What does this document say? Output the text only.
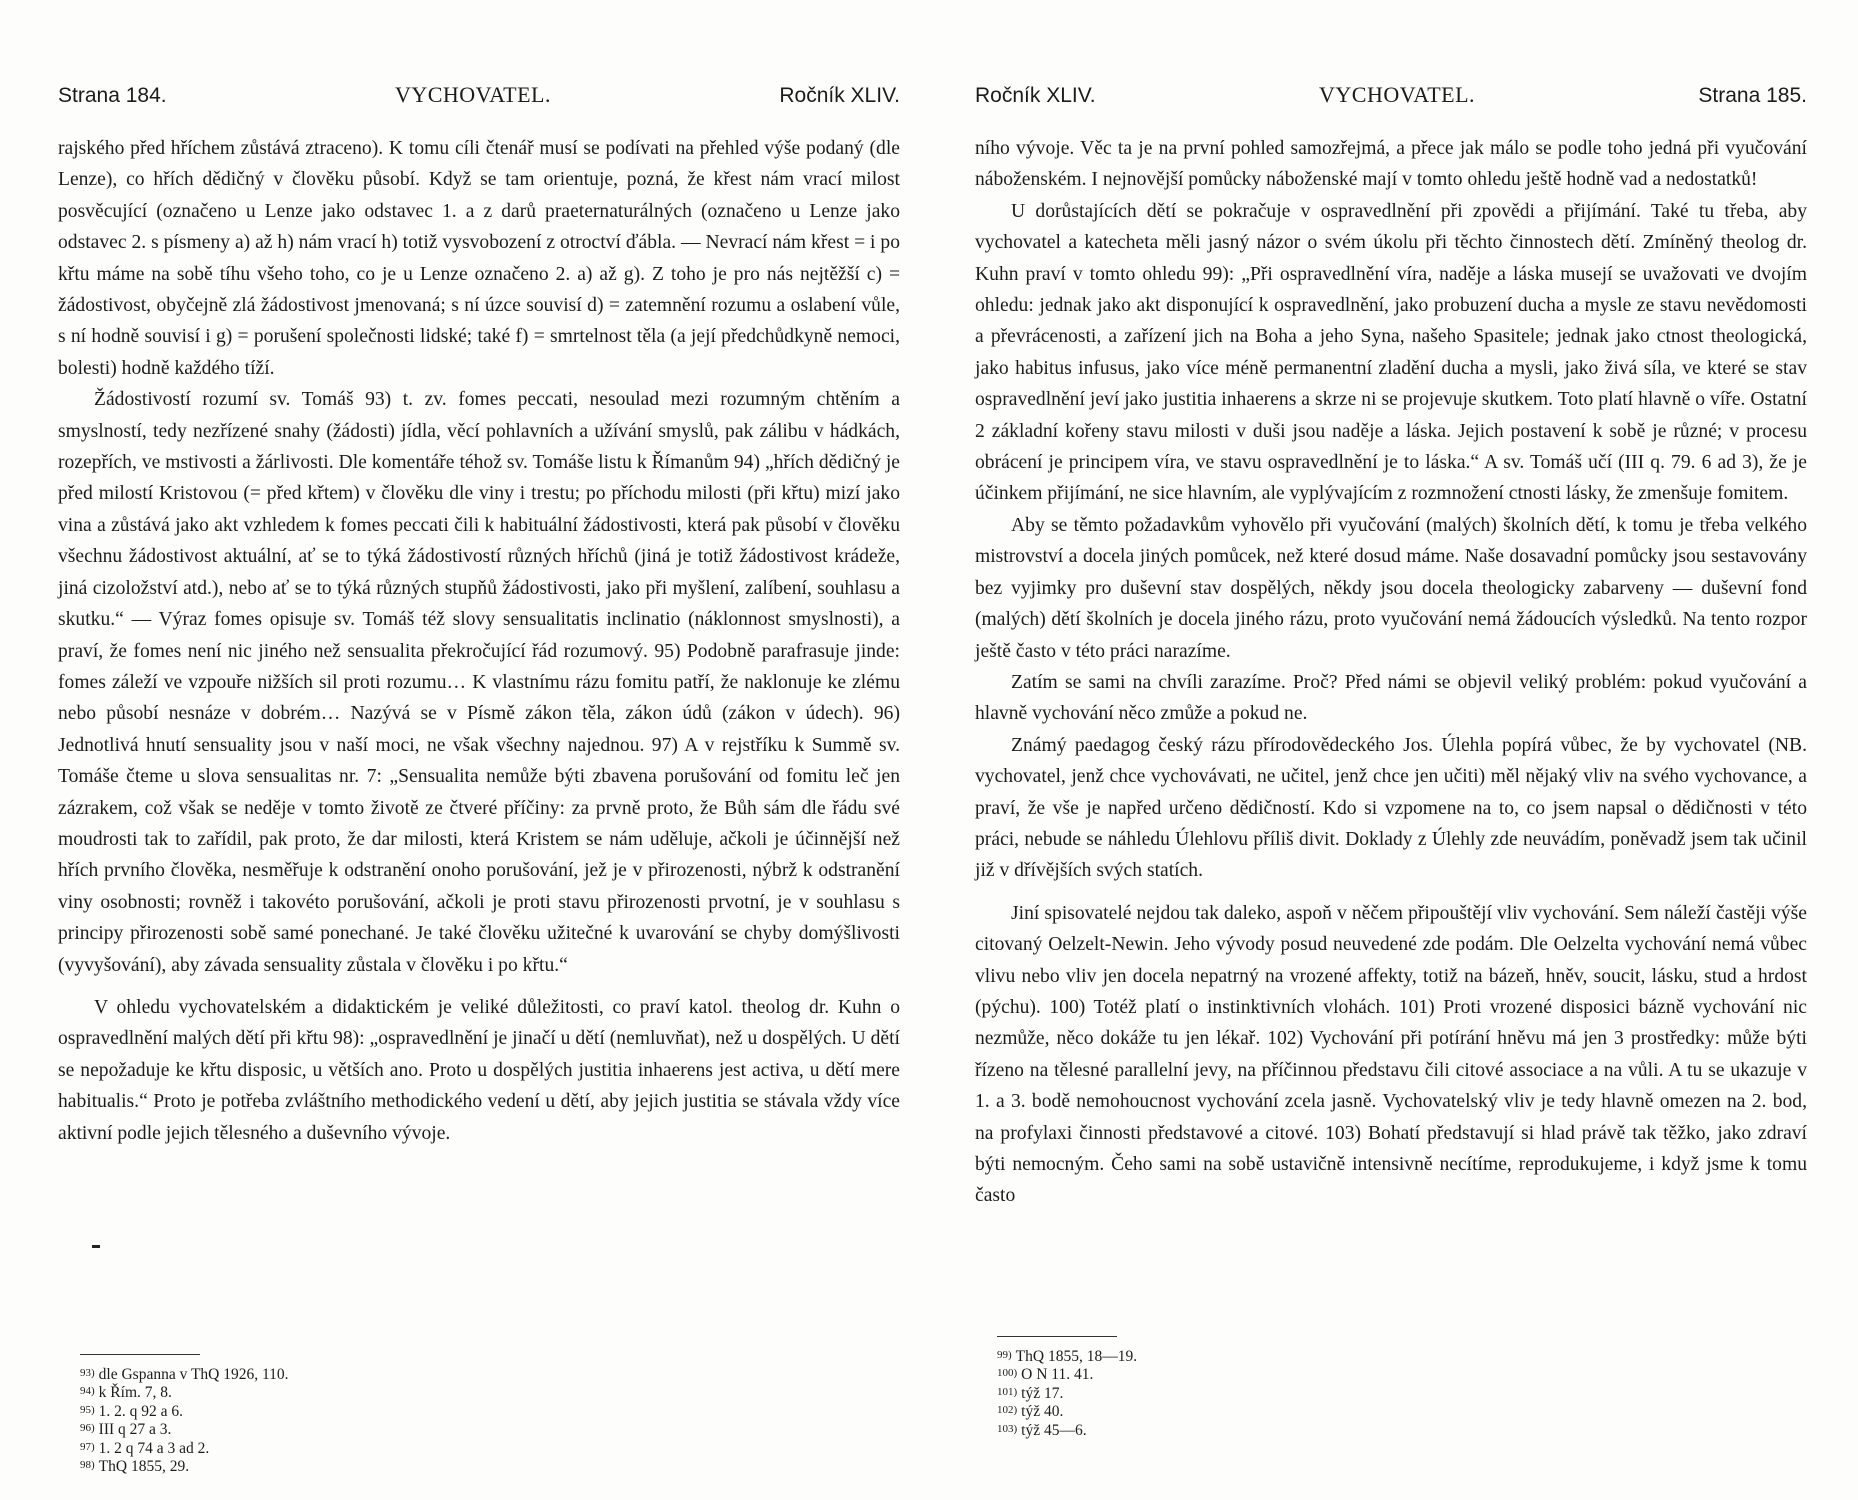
Strana 184.	VYCHOVATEL.	Ročník XLIV.

rajského před hříchem zůstává ztraceno). K tomu cíli čtenář musí se podívati na přehled výše podaný (dle Lenze), co hřích dědičný v člověku působí. Když se tam orientuje, pozná, že křest nám vrací milost posvěcující (označeno u Lenze jako odstavec 1. a z darů praeternaturálných (označeno u Lenze jako odstavec 2. s písmeny a) až h) nám vrací h) totiž vysvobození z otroctví ďábla. — Nevrací nám křest = i po křtu máme na sobě tíhu všeho toho, co je u Lenze označeno 2. a) až g). Z toho je pro nás nejtěžší c) = žádostivost, obyčejně zlá žádostivost jmenovaná; s ní úzce souvisí d) = zatemnění rozumu a oslabení vůle, s ní hodně souvisí i g) = porušení společnosti lidské; také f) = smrtelnost těla (a její předchůdkyně nemoci, bolesti) hodně každého tíží.

Žádostivostí rozumí sv. Tomáš 93) t. zv. fomes peccati, nesoulad mezi rozumným chtěním a smyslností, tedy nezřízené snahy (žádosti) jídla, věcí pohlavních a užívání smyslů, pak zálibu v hádkách, rozepřích, ve mstivosti a žárlivosti. Dle komentáře téhož sv. Tomáše listu k Římanům 94) „hřích dědičný je před milostí Kristovou (= před křtem) v člověku dle viny i trestu; po příchodu milosti (při křtu) mizí jako vina a zůstává jako akt vzhledem k fomes peccati čili k habituální žádostivosti, která pak působí v člověku všechnu žádostivost aktuální, ať se to týká žádostivostí různých hříchů (jiná je totiž žádostivost krádeže, jiná cizoložství atd.), nebo ať se to týká různých stupňů žádostivosti, jako při myšlení, zalíbení, souhlasu a skutku.“ — Výraz fomes opisuje sv. Tomáš též slovy sensualitatis inclinatio (náklonnost smyslnosti), a praví, že fomes není nic jiného než sensualita překročující řád rozumový. 95) Podobně parafrasuje jinde: fomes záleží ve vzpouře nižších sil proti rozumu… K vlastnímu rázu fomitu patří, že naklonuje ke zlému nebo působí nesnáze v dobrém… Nazývá se v Písmě zákon těla, zákon údů (zákon v údech). 96) Jednotlivá hnutí sensuality jsou v naší moci, ne však všechny najednou. 97) A v rejstříku k Summě sv. Tomáše čteme u slova sensualitas nr. 7: „Sensualita nemůže býti zbavena porušování od fomitu leč jen zázrakem, což však se neděje v tomto životě ze čtveré příčiny: za prvně proto, že Bůh sám dle řádu své moudrosti tak to zařídil, pak proto, že dar milosti, která Kristem se nám uděluje, ačkoli je účinnější než hřích prvního člověka, nesměřuje k odstranění onoho porušování, jež je v přirozenosti, nýbrž k odstranění viny osobnosti; rovněž i takovéto porušování, ačkoli je proti stavu přirozenosti prvotní, je v souhlasu s principy přirozenosti sobě samé ponechané. Je také člověku užitečné k uvarování se chyby domýšlivosti (vyvyšování), aby závada sensuality zůstala v člověku i po křtu.“

V ohledu vychovatelském a didaktickém je veliké důležitosti, co praví katol. theolog dr. Kuhn o ospravedlnění malých dětí při křtu 98): „ospravedlnění je jinačí u dětí (nemluvňat), než u dospělých. U dětí se nepožaduje ke křtu disposic, u větších ano. Proto u dospělých justitia inhaerens jest activa, u dětí mere habitualis.“ Proto je potřeba zvláštního methodického vedení u dětí, aby jejich justitia se stávala vždy více aktivní podle jejich tělesného a duševního vývoje.

93) dle Gspanna v ThQ 1926, 110.
94) k Řím. 7, 8.
95) 1. 2. q 92 a 6.
96) III q 27 a 3.
97) 1. 2 q 74 a 3 ad 2.
98) ThQ 1855, 29.
Ročník XLIV.	VYCHOVATEL.	Strana 185.

ního vývoje. Věc ta je na první pohled samozřejmá, a přece jak málo se podle toho jedná při vyučování náboženském. I nejnovější pomůcky náboženské mají v tomto ohledu ještě hodně vad a nedostatků!

U dorůstajících dětí se pokračuje v ospravedlnění při zpovědi a přijímání. Také tu třeba, aby vychovatel a katecheta měli jasný názor o svém úkolu při těchto činnostech dětí. Zmíněný theolog dr. Kuhn praví v tomto ohledu 99): „Při ospravedlnění víra, naděje a láska musejí se uvažovati ve dvojím ohledu: jednak jako akt disponující k ospravedlnění, jako probuzení ducha a mysle ze stavu nevědomosti a převrácenosti, a zařízení jich na Boha a jeho Syna, našeho Spasitele; jednak jako ctnost theologická, jako habitus infusus, jako více méně permanentní zladění ducha a mysli, jako živá síla, ve které se stav ospravedlnění jeví jako justitia inhaerens a skrze ni se projevuje skutkem. Toto platí hlavně o víře. Ostatní 2 základní kořeny stavu milosti v duši jsou naděje a láska. Jejich postavení k sobě je různé; v procesu obrácení je principem víra, ve stavu ospravedlnění je to láska.“ A sv. Tomáš učí (III q. 79. 6 ad 3), že je účinkem přijímání, ne sice hlavním, ale vyplývajícím z rozmnožení ctnosti lásky, že zmenšuje fomitem.

Aby se těmto požadavkům vyhovělo při vyučování (malých) školních dětí, k tomu je třeba velkého mistrovství a docela jiných pomůcek, než které dosud máme. Naše dosavadní pomůcky jsou sestavovány bez vyjimky pro duševní stav dospělých, někdy jsou docela theologicky zabarveny — duševní fond (malých) dětí školních je docela jiného rázu, proto vyučování nemá žádoucích výsledků. Na tento rozpor ještě často v této práci narazíme.

Zatím se sami na chvíli zarazíme. Proč? Před námi se objevil veliký problém: pokud vyučování a hlavně vychování něco zmůže a pokud ne.

Známý paedagog český rázu přírodovědeckého Jos. Úlehla popírá vůbec, že by vychovatel (NB. vychovatel, jenž chce vychovávati, ne učitel, jenž chce jen učiti) měl nějaký vliv na svého vychovance, a praví, že vše je napřed určeno dědičností. Kdo si vzpomene na to, co jsem napsal o dědičnosti v této práci, nebude se náhledu Úlehlovu příliš divit. Doklady z Úlehly zde neuvádím, poněvadž jsem tak učinil již v dřívějších svých statích.

Jiní spisovatelé nejdou tak daleko, aspoň v něčem připouštějí vliv vychování. Sem náleží častěji výše citovaný Oelzelt-Newin. Jeho vývody posud neuvedené zde podám. Dle Oelzelta vychování nemá vůbec vlivu nebo vliv jen docela nepatrný na vrozené affekty, totiž na bázeň, hněv, soucit, lásku, stud a hrdost (pýchu). 100) Totéž platí o instinktivních vlohách. 101) Proti vrozené disposici bázně vychování nic nezmůže, něco dokáže tu jen lékař. 102) Vychování při potírání hněvu má jen 3 prostředky: může býti řízeno na tělesné parallelní jevy, na příčinnou představu čili citové associace a na vůli. A tu se ukazuje v 1. a 3. bodě nemohoucnost vychování zcela jasně. Vychovatelský vliv je tedy hlavně omezen na 2. bod, na profylaxi činnosti představové a citové. 103) Bohatí představují si hlad právě tak těžko, jako zdraví býti nemocným. Čeho sami na sobě ustavičně intensivně necítíme, reprodukujeme, i když jsme k tomu často

99) ThQ 1855, 18—19.
100) O N 11. 41.
101) týž 17.
102) týž 40.
103) týž 45—6.
